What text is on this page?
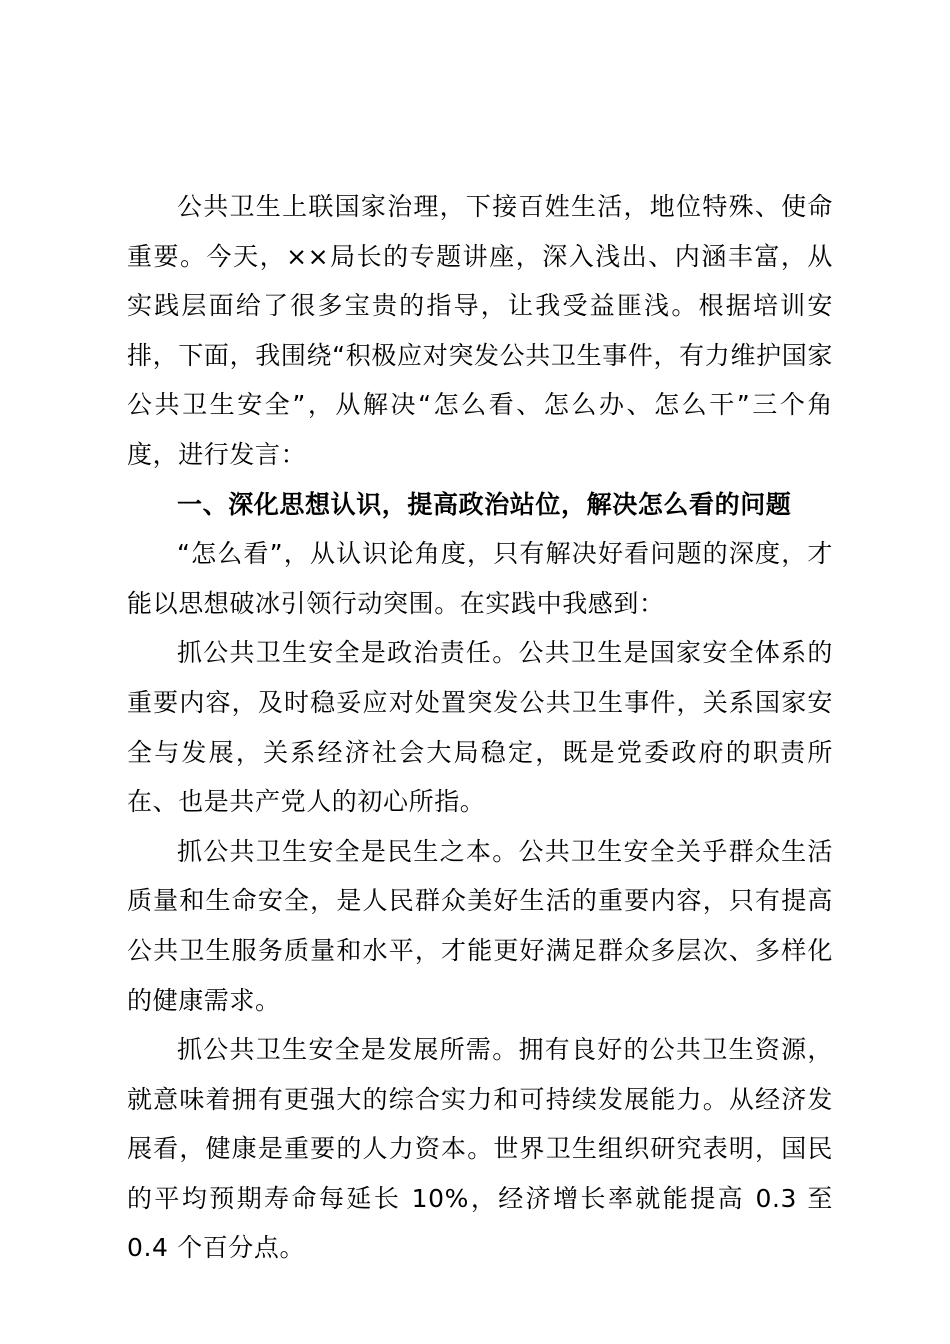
公共卫生上联国家治理，下接百姓生活，地位特殊、使命重要。今天，××局长的专题讲座，深入浅出、内涵丰富，从实践层面给了很多宝贵的指导，让我受益匪浅。根据培训安排，下面，我围绕“积极应对突发公共卫生事件，有力维护国家公共卫生安全”，从解决“怎么看、怎么办、怎么干”三个角度，进行发言：

一、深化思想认识，提高政治站位，解决怎么看的问题

“怎么看”，从认识论角度，只有解决好看问题的深度，才能以思想破冰引领行动突围。在实践中我感到：

抓公共卫生安全是政治责任。公共卫生是国家安全体系的重要内容，及时稳妥应对处置突发公共卫生事件，关系国家安全与发展，关系经济社会大局稳定，既是党委政府的职责所在、也是共产党人的初心所指。

抓公共卫生安全是民生之本。公共卫生安全关乎群众生活质量和生命安全，是人民群众美好生活的重要内容，只有提高公共卫生服务质量和水平，才能更好满足群众多层次、多样化的健康需求。

抓公共卫生安全是发展所需。拥有良好的公共卫生资源，就意味着拥有更强大的综合实力和可持续发展能力。从经济发展看，健康是重要的人力资本。世界卫生组织研究表明，国民的平均预期寿命每延长 10%，经济增长率就能提高 0.3 至 0.4 个百分点。
